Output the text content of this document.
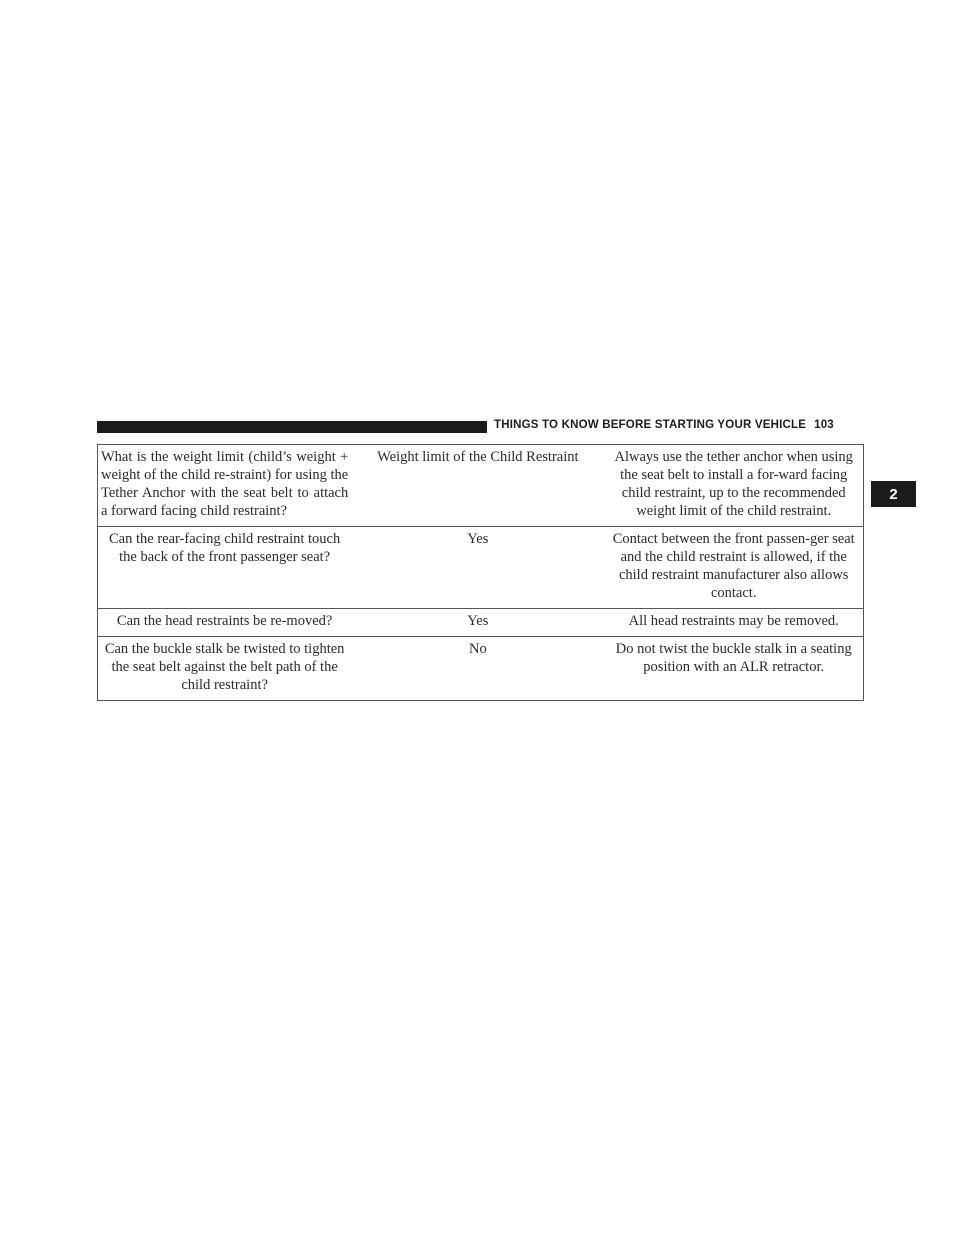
THINGS TO KNOW BEFORE STARTING YOUR VEHICLE 103
2
What is the weight limit (child’s weight + weight of the child re-straint) for using the Tether Anchor with the seat belt to attach a forward facing child restraint?	Weight limit of the Child Restraint	Always use the tether anchor when using the seat belt to install a for-ward facing child restraint, up to the recommended weight limit of the child restraint.
Can the rear-facing child restraint touch the back of the front passenger seat?	Yes	Contact between the front passen-ger seat and the child restraint is allowed, if the child restraint manufacturer also allows contact.
Can the head restraints be re-moved?	Yes	All head restraints may be removed.
Can the buckle stalk be twisted to tighten the seat belt against the belt path of the child restraint?	No	Do not twist the buckle stalk in a seating position with an ALR retractor.
